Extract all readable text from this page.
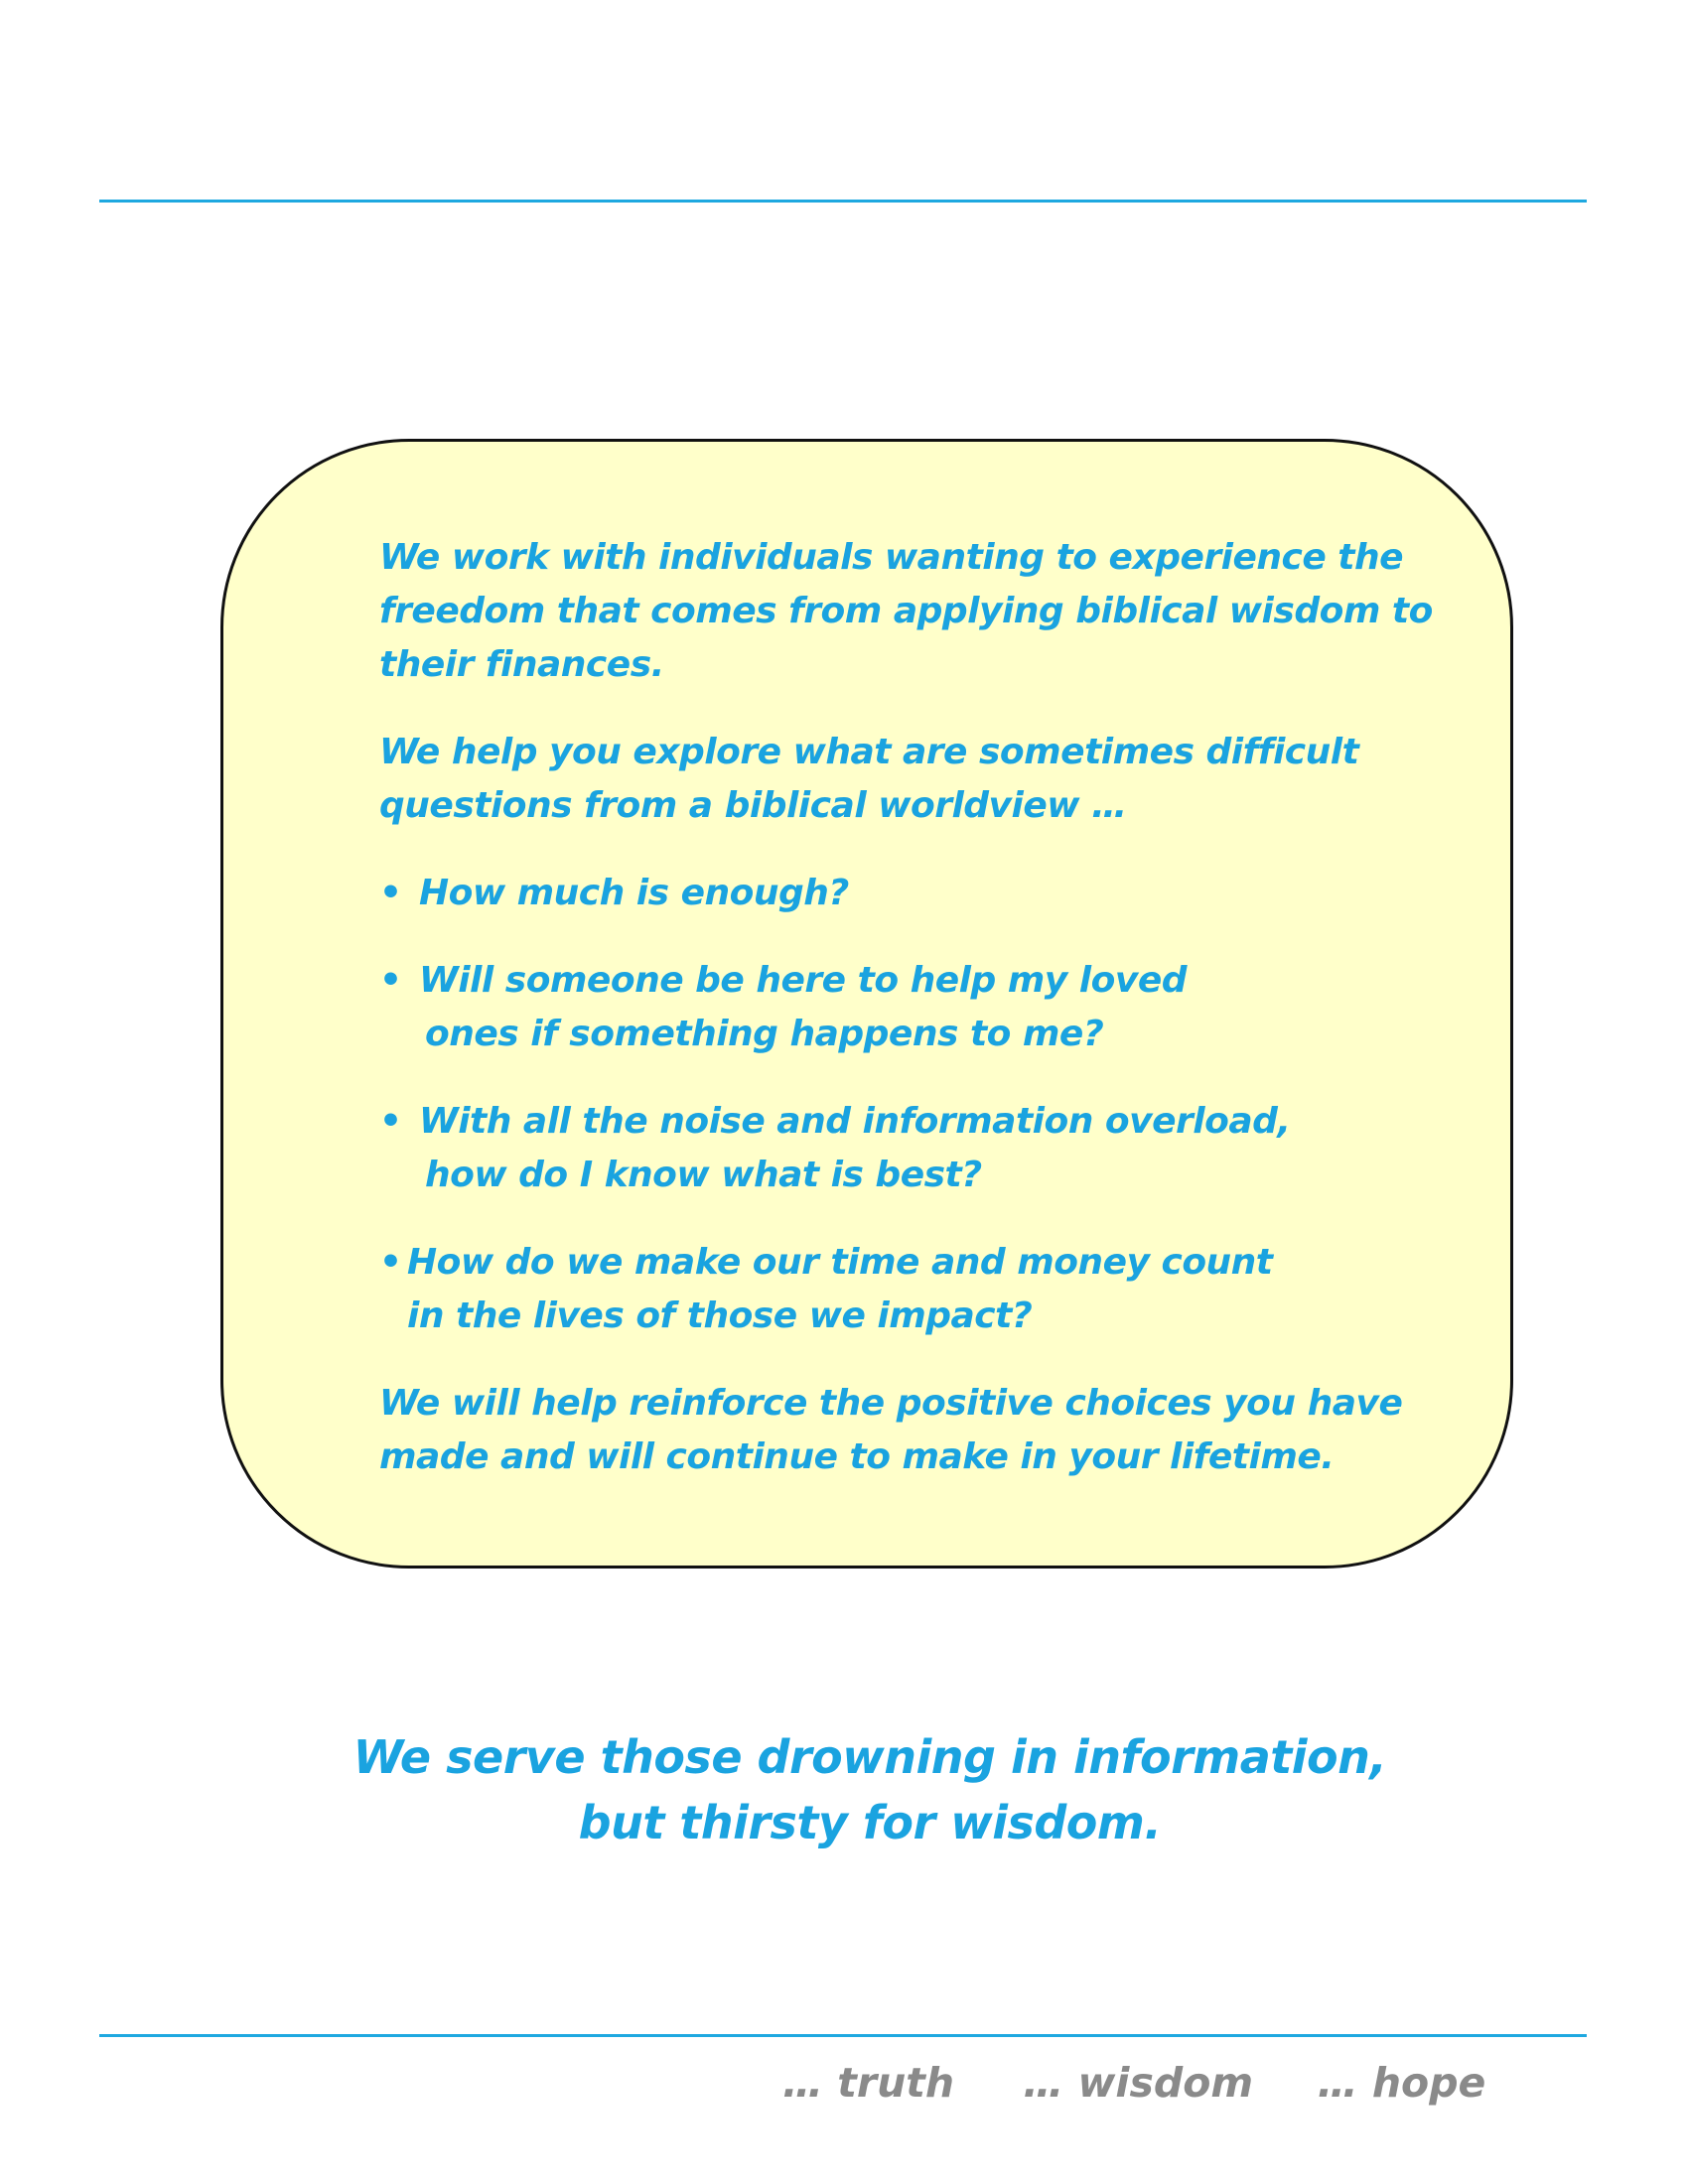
We work with individuals wanting to experience the

freedom that comes from applying biblical wisdom to

their finances.

We help you explore what are sometimes difficult

questions from a biblical worldview …

• How much is enough?

• Will someone be here to help my loved

ones if something happens to me?

• With all the noise and information overload,

how do I know what is best?

• How do we make our time and money count

in the lives of those we impact?

We will help reinforce the positive choices you have

made and will continue to make in your lifetime.

We serve those drowning in information,

but thirsty for wisdom.

… truth … wisdom … hope
